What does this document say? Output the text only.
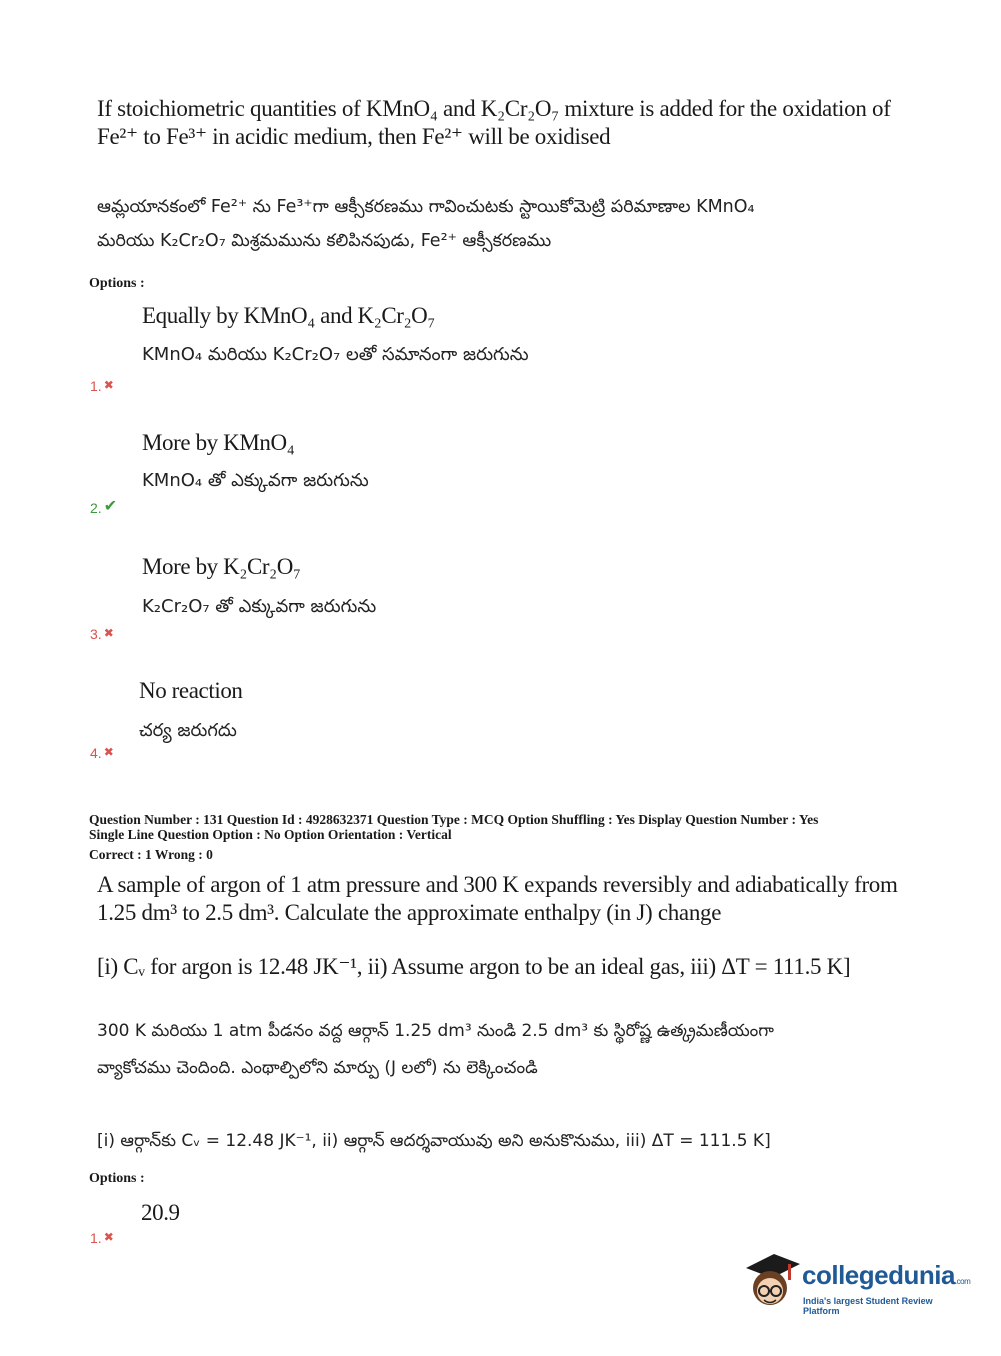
If stoichiometric quantities of KMnO₄ and K₂Cr₂O₇ mixture is added for the oxidation of
Fe²⁺ to Fe³⁺ in acidic medium, then Fe²⁺ will be oxidised
ఆమ్లయానకంలో Fe²⁺ ను Fe³⁺గా ఆక్సీకరణము గావించుటకు స్టాయికోమెట్రి పరిమాణాల KMnO₄
మరియు K₂Cr₂O₇ మిశ్రమమును కలిపినపుడు, Fe²⁺ ఆక్సీకరణము
Options :
Equally by KMnO₄ and K₂Cr₂O₇
KMnO₄ మరియు K₂Cr₂O₇ లతో సమానంగా జరుగును
1. ✖
More by KMnO₄
KMnO₄ తో ఎక్కువగా జరుగును
2. ✔
More by K₂Cr₂O₇
K₂Cr₂O₇ తో ఎక్కువగా జరుగును
3. ✖
No reaction
చర్య జరుగదు
4. ✖
Question Number : 131 Question Id : 4928632371 Question Type : MCQ Option Shuffling : Yes Display Question Number : Yes
Single Line Question Option : No Option Orientation : Vertical
Correct : 1 Wrong : 0
A sample of argon of 1 atm pressure and 300 K expands reversibly and adiabatically from
1.25 dm³ to 2.5 dm³. Calculate the approximate enthalpy (in J) change
[i) Cᵥ for argon is 12.48 JK⁻¹, ii) Assume argon to be an ideal gas, iii) ΔT = 111.5 K]
300 K మరియు 1 atm పీడనం వద్ద ఆర్గాన్ 1.25 dm³ నుండి 2.5 dm³ కు స్థిరోష్ణ ఉత్క్రమణీయంగా
వ్యాకోచము చెందింది. ఎంథాల్పిలోని మార్పు (J లలో) ను లెక్కించండి
[i) ఆర్గాన్‌కు Cᵥ = 12.48 JK⁻¹, ii) ఆర్గాన్ ఆదర్శవాయువు అని అనుకొనుము, iii) ΔT = 111.5 K]
Options :
20.9
1. ✖
collegedunia.com
India's largest Student Review Platform
